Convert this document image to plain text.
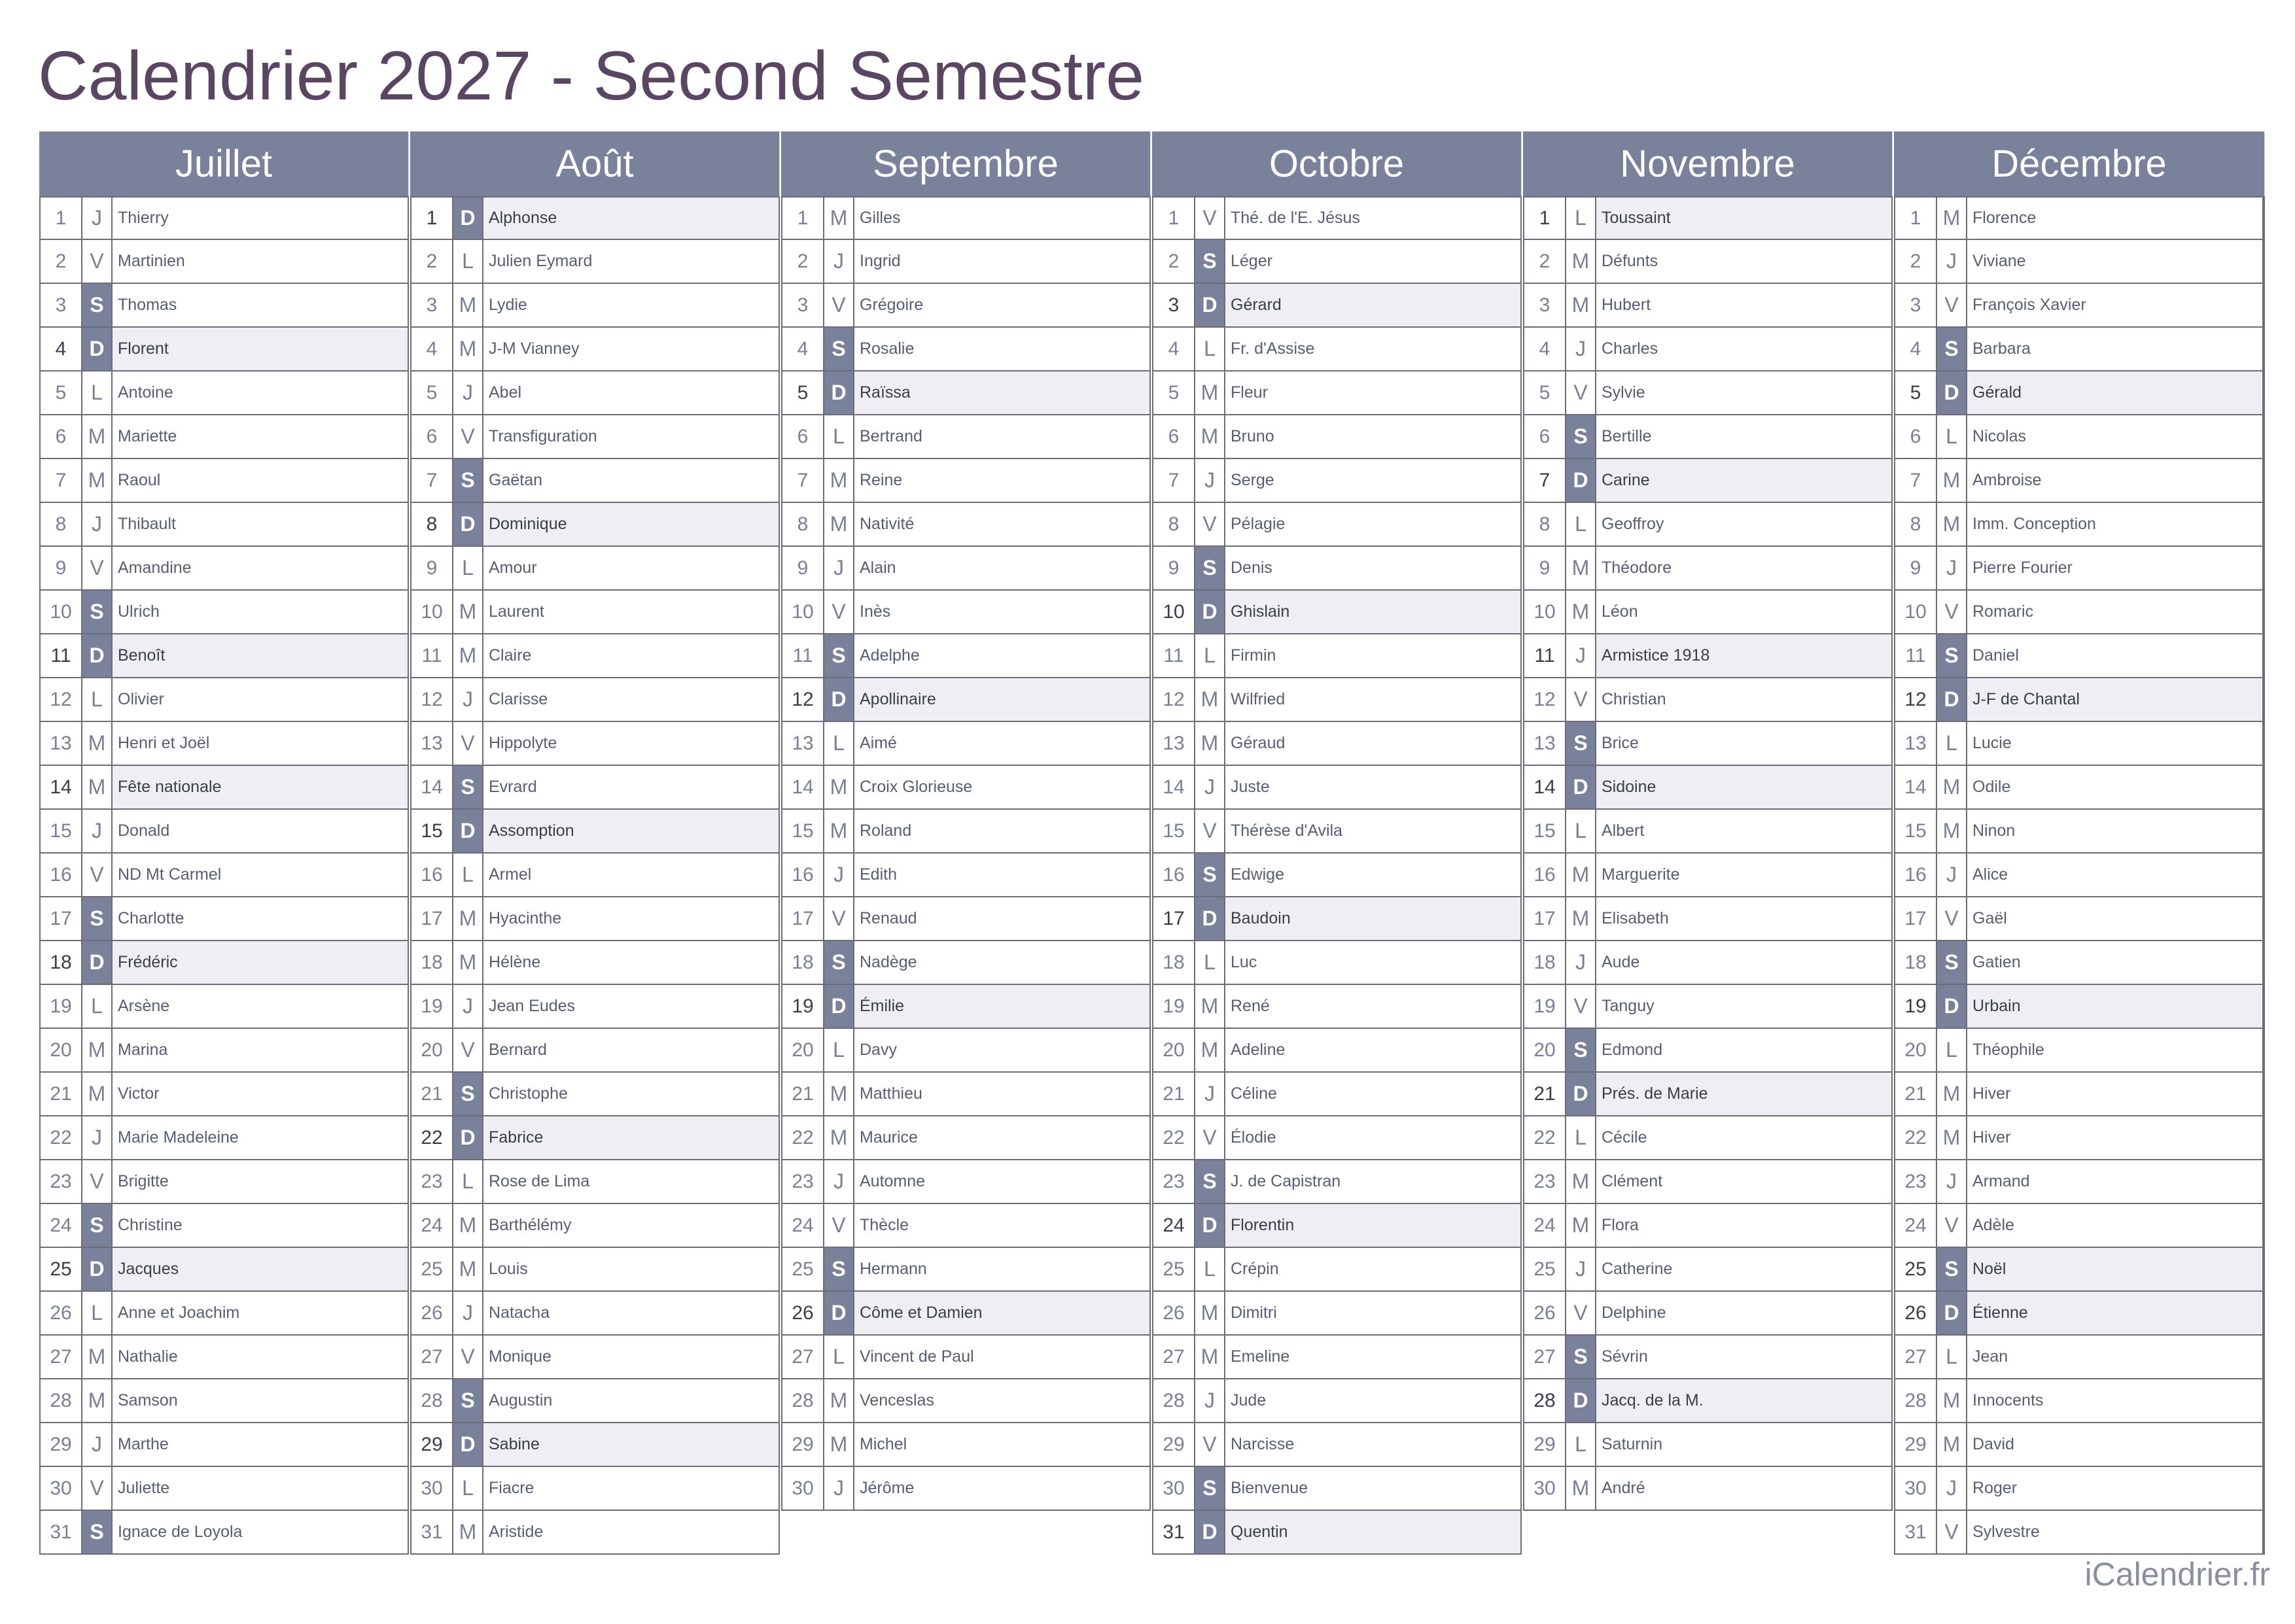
Calendrier 2027 - Second Semestre
Juillet
1	J Thierry
2	V Martinien
3	S Thomas
4	D Florent
5	L Antoine
6	M Mariette
7	M Raoul
8	J Thibault
9	V Amandine
10 S Ulrich
11 D Benoît
12 L Olivier
13 M Henri et Joël
14 M Fête nationale
15 J Donald
16 V ND Mt Carmel
17 S Charlotte
18 D Frédéric
19 L Arsène
20 M Marina
21 M Victor
22 J Marie Madeleine
23 V Brigitte
24 S Christine
25 D Jacques
26 L Anne et Joachim
27 M Nathalie
28 M Samson
29 J Marthe
30 V Juliette
31 S Ignace de Loyola
Août
1	D Alphonse
2	L Julien Eymard
3	M Lydie
4	M J-M Vianney
5	J Abel
6	V Transfiguration
7	S Gaëtan
8	D Dominique
9	L Amour
10 M Laurent
11 M Claire
12 J Clarisse
13 V Hippolyte
14 S Evrard
15 D Assomption
16 L Armel
17 M Hyacinthe
18 M Hélène
19 J Jean Eudes
20 V Bernard
21 S Christophe
22 D Fabrice
23 L Rose de Lima
24 M Barthélémy
25 M Louis
26 J Natacha
27 V Monique
28 S Augustin
29 D Sabine
30 L Fiacre
31 M Aristide
Septembre
1	M Gilles
2	J Ingrid
3	V Grégoire
4	S Rosalie
5	D Raïssa
6	L Bertrand
7	M Reine
8	M Nativité
9	J Alain
10 V Inès
11 S Adelphe
12 D Apollinaire
13 L Aimé
14 M Croix Glorieuse
15 M Roland
16 J Edith
17 V Renaud
18 S Nadège
19 D Émilie
20 L Davy
21 M Matthieu
22 M Maurice
23 J Automne
24 V Thècle
25 S Hermann
26 D Côme et Damien
27 L Vincent de Paul
28 M Venceslas
29 M Michel
30 J Jérôme
Octobre
1	V Thé. de l'E. Jésus
2	S Léger
3	D Gérard
4	L Fr. d'Assise
5	M Fleur
6	M Bruno
7	J Serge
8	V Pélagie
9	S Denis
10 D Ghislain
11 L Firmin
12 M Wilfried
13 M Géraud
14 J Juste
15 V Thérèse d'Avila
16 S Edwige
17 D Baudoin
18 L Luc
19 M René
20 M Adeline
21 J Céline
22 V Élodie
23 S J. de Capistran
24 D Florentin
25 L Crépin
26 M Dimitri
27 M Emeline
28 J Jude
29 V Narcisse
30 S Bienvenue
31 D Quentin
Novembre
1	L Toussaint
2	M Défunts
3	M Hubert
4	J Charles
5	V Sylvie
6	S Bertille
7	D Carine
8	L Geoffroy
9	M Théodore
10 M Léon
11 J Armistice 1918
12 V Christian
13 S Brice
14 D Sidoine
15 L Albert
16 M Marguerite
17 M Elisabeth
18 J Aude
19 V Tanguy
20 S Edmond
21 D Prés. de Marie
22 L Cécile
23 M Clément
24 M Flora
25 J Catherine
26 V Delphine
27 S Sévrin
28 D Jacq. de la M.
29 L Saturnin
30 M André
Décembre
1	M Florence
2	J Viviane
3	V François Xavier
4	S Barbara
5	D Gérald
6	L Nicolas
7	M Ambroise
8	M Imm. Conception
9	J Pierre Fourier
10 V Romaric
11 S Daniel
12 D J-F de Chantal
13 L Lucie
14 M Odile
15 M Ninon
16 J Alice
17 V Gaël
18 S Gatien
19 D Urbain
20 L Théophile
21 M Hiver
22 M Hiver
23 J Armand
24 V Adèle
25 S Noël
26 D Étienne
27 L Jean
28 M Innocents
29 M David
30 J Roger
31 V Sylvestre
iCalendrier.fr
